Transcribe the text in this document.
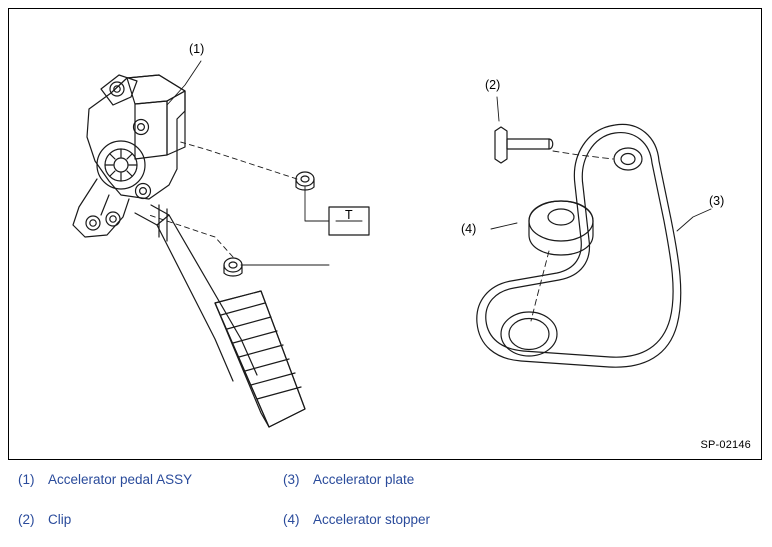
(1)
(2)
(3)
(4)
T
SP-02146
(1)	Accelerator pedal ASSY
(2)	Clip
(3)	Accelerator plate
(4)	Accelerator stopper
